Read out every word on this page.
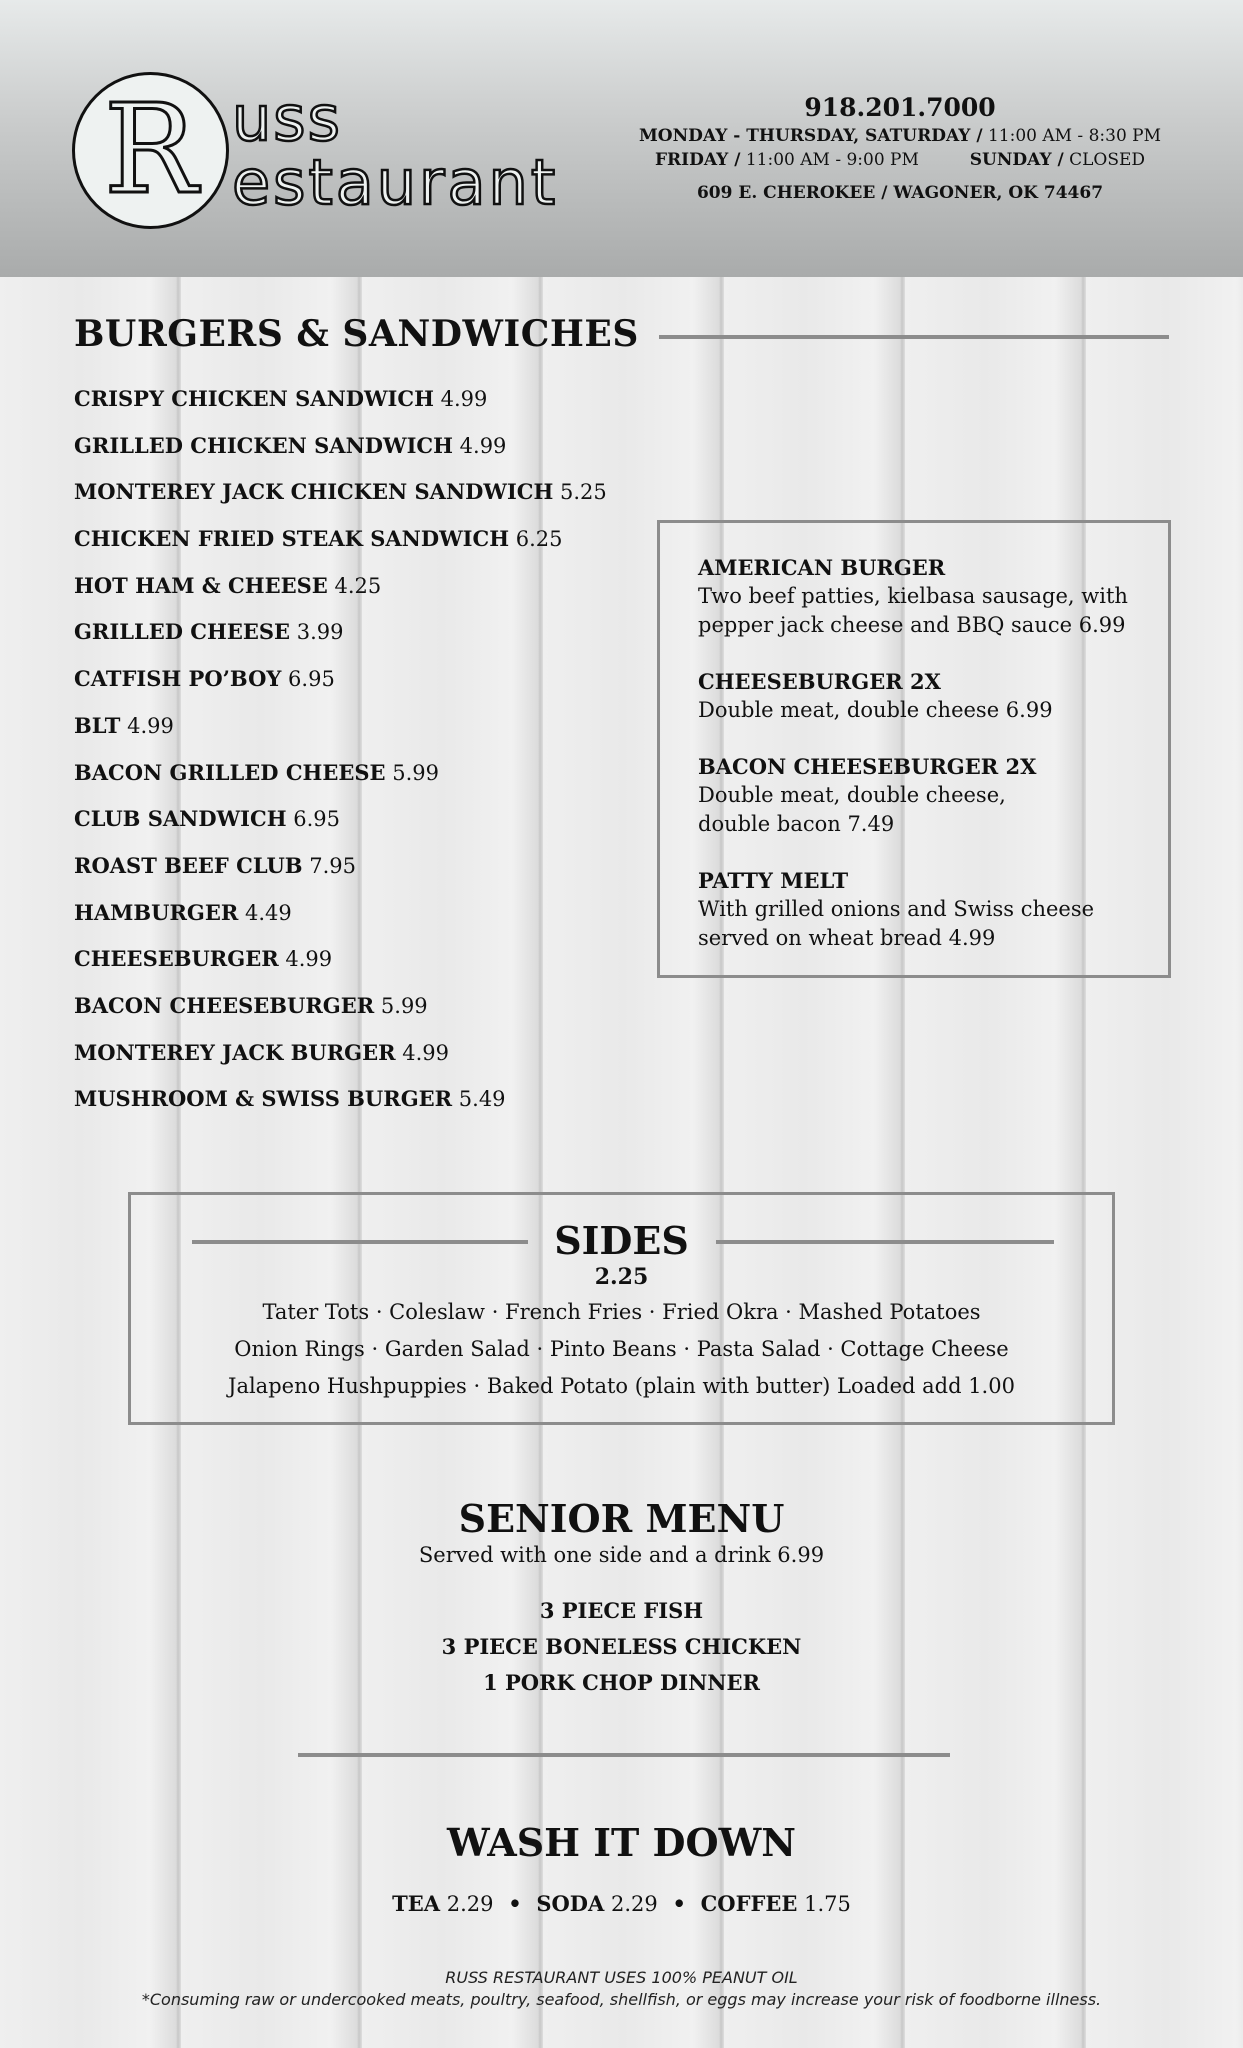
R uss
estaurant
918.201.7000
MONDAY - THURSDAY, SATURDAY / 11:00 AM - 8:30 PM
FRIDAY / 11:00 AM - 9:00 PM	SUNDAY / CLOSED
609 E. CHEROKEE / WAGONER, OK 74467
BURGERS & SANDWICHES
CRISPY CHICKEN SANDWICH 4.99
GRILLED CHICKEN SANDWICH 4.99
MONTEREY JACK CHICKEN SANDWICH 5.25
CHICKEN FRIED STEAK SANDWICH 6.25
HOT HAM & CHEESE 4.25
GRILLED CHEESE 3.99
CATFISH PO’BOY 6.95
BLT 4.99
BACON GRILLED CHEESE 5.99
CLUB SANDWICH 6.95
ROAST BEEF CLUB 7.95
HAMBURGER 4.49
CHEESEBURGER 4.99
BACON CHEESEBURGER 5.99
MONTEREY JACK BURGER 4.99
MUSHROOM & SWISS BURGER 5.49
AMERICAN BURGER
Two beef patties, kielbasa sausage, with
pepper jack cheese and BBQ sauce 6.99
CHEESEBURGER 2X
Double meat, double cheese 6.99
BACON CHEESEBURGER 2X
Double meat, double cheese,
double bacon 7.49
PATTY MELT
With grilled onions and Swiss cheese
served on wheat bread 4.99
SIDES
2.25
Tater Tots · Coleslaw · French Fries · Fried Okra · Mashed Potatoes
Onion Rings · Garden Salad · Pinto Beans · Pasta Salad · Cottage Cheese
Jalapeno Hushpuppies · Baked Potato (plain with butter) Loaded add 1.00
SENIOR MENU
Served with one side and a drink 6.99
3 PIECE FISH
3 PIECE BONELESS CHICKEN
1 PORK CHOP DINNER
WASH IT DOWN
TEA 2.29 • SODA 2.29 • COFFEE 1.75
RUSS RESTAURANT USES 100% PEANUT OIL
*Consuming raw or undercooked meats, poultry, seafood, shellfish, or eggs may increase your risk of foodborne illness.
